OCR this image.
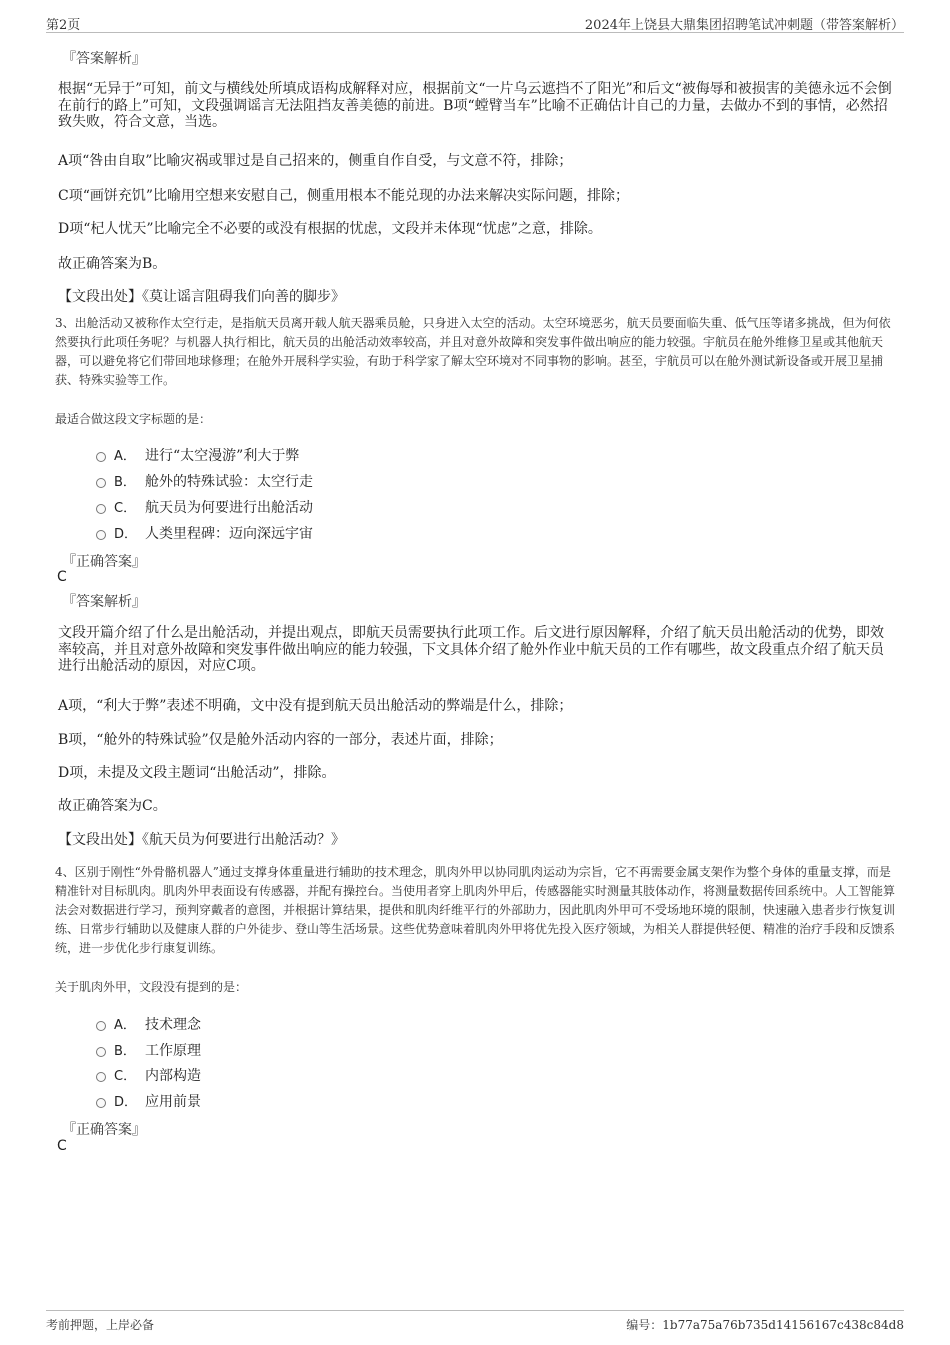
第2页	2024年上饶县大鼎集团招聘笔试冲刺题（带答案解析）
『答案解析』
根据“无异于”可知，前文与横线处所填成语构成解释对应，根据前文“一片乌云遮挡不了阳光”和后文“被侮辱和被损害的美德永远不会倒在前行的路上”可知，文段强调谣言无法阻挡友善美德的前进。B项“螳臂当车”比喻不正确估计自己的力量，去做办不到的事情，必然招致失败，符合文意，当选。
A项“咎由自取”比喻灾祸或罪过是自己招来的，侧重自作自受，与文意不符，排除；
C项“画饼充饥”比喻用空想来安慰自己，侧重用根本不能兑现的办法来解决实际问题，排除；
D项“杞人忧天”比喻完全不必要的或没有根据的忧虑，文段并未体现“忧虑”之意，排除。
故正确答案为B。
【文段出处】《莫让谣言阻碍我们向善的脚步》
3、出舱活动又被称作太空行走，是指航天员离开载人航天器乘员舱，只身进入太空的活动。太空环境恶劣，航天员要面临失重、低气压等诸多挑战，但为何依然要执行此项任务呢？与机器人执行相比，航天员的出舱活动效率较高，并且对意外故障和突发事件做出响应的能力较强。宇航员在舱外维修卫星或其他航天器，可以避免将它们带回地球修理；在舱外开展科学实验，有助于科学家了解太空环境对不同事物的影响。甚至，宇航员可以在舱外测试新设备或开展卫星捕获、特殊实验等工作。
最适合做这段文字标题的是：
A． 进行“太空漫游”利大于弊
B． 舱外的特殊试验：太空行走
C． 航天员为何要进行出舱活动
D． 人类里程碑：迈向深远宇宙
『正确答案』
C
『答案解析』
文段开篇介绍了什么是出舱活动，并提出观点，即航天员需要执行此项工作。后文进行原因解释，介绍了航天员出舱活动的优势，即效率较高，并且对意外故障和突发事件做出响应的能力较强，下文具体介绍了舱外作业中航天员的工作有哪些，故文段重点介绍了航天员进行出舱活动的原因，对应C项。
A项，“利大于弊”表述不明确，文中没有提到航天员出舱活动的弊端是什么，排除；
B项，“舱外的特殊试验”仅是舱外活动内容的一部分，表述片面，排除；
D项，未提及文段主题词“出舱活动”，排除。
故正确答案为C。
【文段出处】《航天员为何要进行出舱活动？》
4、区别于刚性“外骨骼机器人”通过支撑身体重量进行辅助的技术理念，肌肉外甲以协同肌肉运动为宗旨，它不再需要金属支架作为整个身体的重量支撑，而是精准针对目标肌肉。肌肉外甲表面设有传感器，并配有操控台。当使用者穿上肌肉外甲后，传感器能实时测量其肢体动作，将测量数据传回系统中。人工智能算法会对数据进行学习，预判穿戴者的意图，并根据计算结果，提供和肌肉纤维平行的外部助力，因此肌肉外甲可不受场地环境的限制，快速融入患者步行恢复训练、日常步行辅助以及健康人群的户外徒步、登山等生活场景。这些优势意味着肌肉外甲将优先投入医疗领域，为相关人群提供轻便、精准的治疗手段和反馈系统，进一步优化步行康复训练。
关于肌肉外甲，文段没有提到的是：
A． 技术理念
B． 工作原理
C． 内部构造
D． 应用前景
『正确答案』
C
考前押题，上岸必备	编号：1b77a75a76b735d14156167c438c84d8
